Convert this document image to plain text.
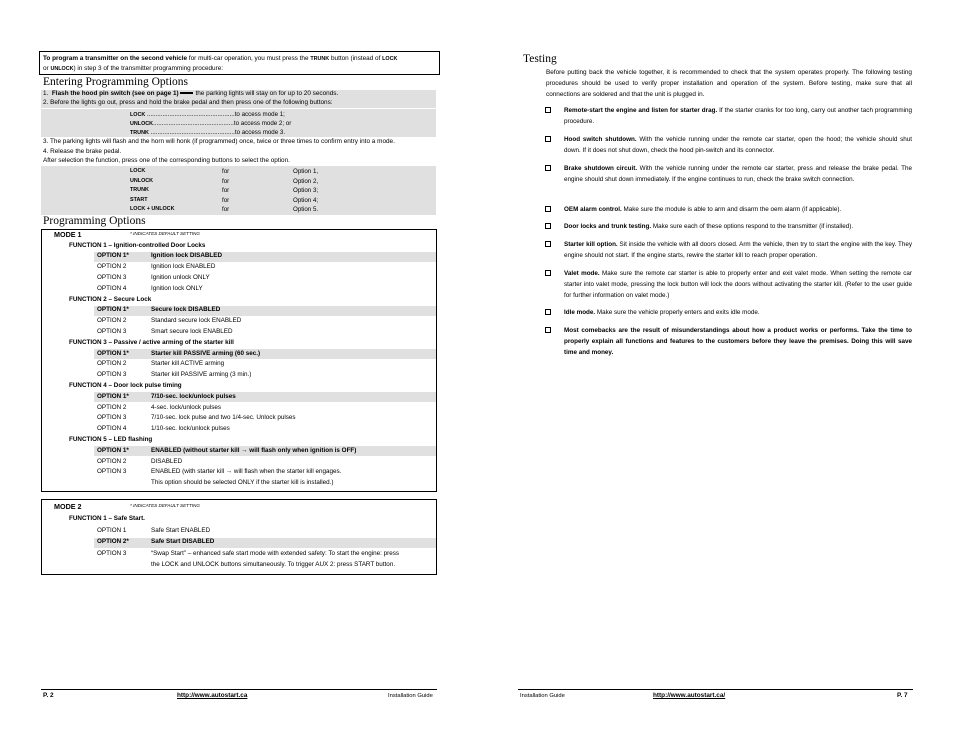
To program a transmitter on the second vehicle for multi-car operation, you must press the TRUNK button (instead of LOCK
or UNLOCK) in step 3 of the transmitter programming procedure:
Entering Programming Options
1. Flash the hood pin switch (see on page 1) the parking lights will stay on for up to 20 seconds.
2. Before the lights go out, press and hold the brake pedal and then press one of the following buttons:
LOCK ...................................................to access mode 1;
UNLOCK...............................................to access mode 2; or
TRUNK .................................................to access mode 3.
3. The parking lights will flash and the horn will honk (if programmed) once, twice or three times to confirm entry into a mode.
4. Release the brake pedal.
After selection the function, press one of the corresponding buttons to select the option.
LOCK	for	Option 1,
UNLOCK	for	Option 2,
TRUNK	for	Option 3;
START	for	Option 4;
LOCK + UNLOCK	for	Option 5.
Programming Options
MODE 1	* INDICATES DEFAULT SETTING
FUNCTION 1 – Ignition-controlled Door Locks
OPTION 1*	Ignition lock DISABLED
OPTION 2	Ignition lock ENABLED
OPTION 3	Ignition unlock ONLY
OPTION 4	Ignition lock ONLY
FUNCTION 2 – Secure Lock
OPTION 1*	Secure lock DISABLED
OPTION 2	Standard secure lock ENABLED
OPTION 3	Smart secure lock ENABLED
FUNCTION 3 – Passive / active arming of the starter kill
OPTION 1*	Starter kill PASSIVE arming (60 sec.)
OPTION 2	Starter kill ACTIVE arming
OPTION 3	Starter kill PASSIVE arming (3 min.)
FUNCTION 4 – Door lock pulse timing
OPTION 1*	7/10-sec. lock/unlock pulses
OPTION 2	4-sec. lock/unlock pulses
OPTION 3	7/10-sec. lock pulse and two 1/4-sec. Unlock pulses
OPTION 4	1/10-sec. lock/unlock pulses
FUNCTION 5 – LED flashing
OPTION 1*	ENABLED (without starter kill → will flash only when ignition is OFF)
OPTION 2	DISABLED
OPTION 3	ENABLED (with starter kill → will flash when the starter kill engages.
This option should be selected ONLY if the starter kill is installed.)
MODE 2	* INDICATES DEFAULT SETTING
FUNCTION 1 – Safe Start.
OPTION 1	Safe Start ENABLED
OPTION 2*	Safe Start DISABLED
OPTION 3	“Swap Start” – enhanced safe start mode with extended safety: To start the engine: press
the LOCK and UNLOCK buttons simultaneously. To trigger AUX 2: press START button.
P. 2	http://www.autostart.ca	Installation Guide
Testing
Before putting back the vehicle together, it is recommended to check that the system operates properly. The following testing procedures should be used to verify proper installation and operation of the system. Before testing, make sure that all connections are soldered and that the unit is plugged in.
Remote-start the engine and listen for starter drag. If the starter cranks for too long, carry out another tach programming procedure.
Hood switch shutdown. With the vehicle running under the remote car starter, open the hood; the vehicle should shut down. If it does not shut down, check the hood pin-switch and its connector.
Brake shutdown circuit. With the vehicle running under the remote car starter, press and release the brake pedal. The engine should shut down immediately. If the engine continues to run, check the brake switch connection.
OEM alarm control. Make sure the module is able to arm and disarm the oem alarm (if applicable).
Door locks and trunk testing. Make sure each of these options respond to the transmitter (if installed).
Starter kill option. Sit inside the vehicle with all doors closed. Arm the vehicle, then try to start the engine with the key. They engine should not start. If the engine starts, rewire the starter kill to reach proper operation.
Valet mode. Make sure the remote car starter is able to properly enter and exit valet mode. When setting the remote car starter into valet mode, pressing the lock button will lock the doors without activating the starter kill. (Refer to the user guide for further information on valet mode.)
Idle mode. Make sure the vehicle properly enters and exits idle mode.
Most comebacks are the result of misunderstandings about how a product works or performs. Take the time to properly explain all functions and features to the customers before they leave the premises. Doing this will save time and money.
Installation Guide	http://www.autostart.ca/	P. 7
